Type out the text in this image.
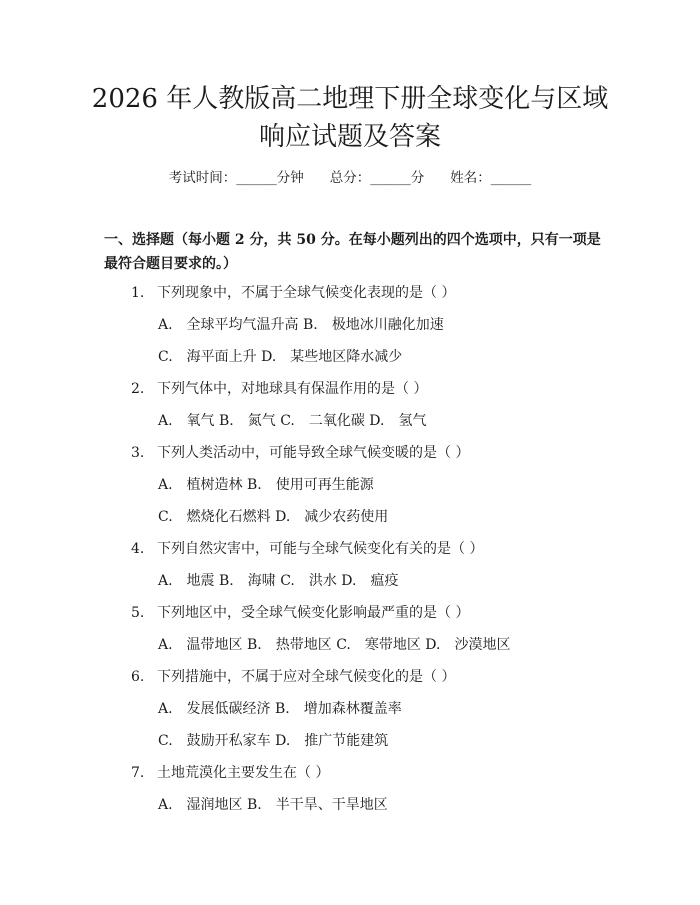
2026 年人教版高二地理下册全球变化与区域
响应试题及答案
考试时间：______分钟 总分：______分 姓名：______
一、选择题（每小题 2 分，共 50 分。在每小题列出的四个选项中，只有一项是最符合题目要求的。）
1. 下列现象中，不属于全球气候变化表现的是（ ）
A.　全球平均气温升高 B.　极地冰川融化加速
C.　海平面上升 D.　某些地区降水减少
2. 下列气体中，对地球具有保温作用的是（ ）
A.　氧气 B.　氮气 C.　二氧化碳 D.　氢气
3. 下列人类活动中，可能导致全球气候变暖的是（ ）
A.　植树造林 B.　使用可再生能源
C.　燃烧化石燃料 D.　减少农药使用
4. 下列自然灾害中，可能与全球气候变化有关的是（ ）
A.　地震 B.　海啸 C.　洪水 D.　瘟疫
5. 下列地区中，受全球气候变化影响最严重的是（ ）
A.　温带地区 B.　热带地区 C.　寒带地区 D.　沙漠地区
6. 下列措施中，不属于应对全球气候变化的是（ ）
A.　发展低碳经济 B.　增加森林覆盖率
C.　鼓励开私家车 D.　推广节能建筑
7. 土地荒漠化主要发生在（ ）
A.　湿润地区 B.　半干旱、干旱地区
